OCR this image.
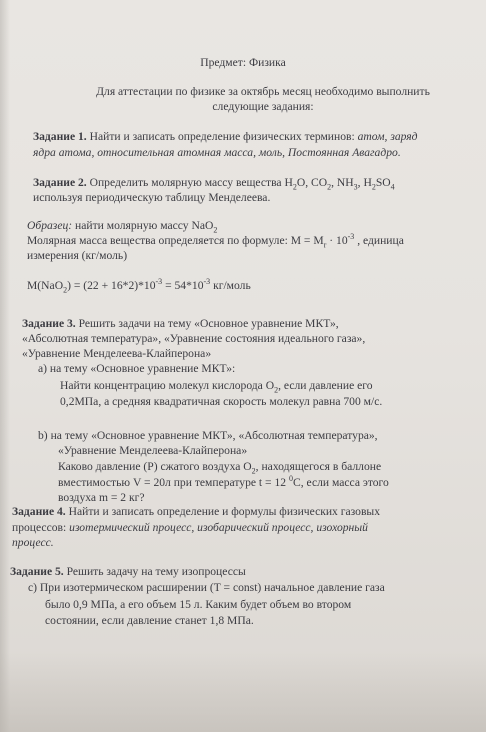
Предмет: Физика
Для аттестации по физике за октябрь месяц необходимо выполнить
следующие задания:
Задание 1. Найти и записать определение физических терминов: атом, заряд
ядра атома, относительная атомная масса, моль, Постоянная Авагадро.
Задание 2. Определить молярную массу вещества $H_2O$, $CO_2$, $NH_3$, $H_2SO_4$
используя периодическую таблицу Менделеева.
Образец: найти молярную массу NaO$_2$
Молярная масса вещества определяется по формуле: $M = M_r \cdot 10^{-3}$ , единица
измерения (кг/моль)
$M(NaO_2) = (22 + 16*2)*10^{-3} = 54*10^{-3}$ кг/моль
Задание 3. Решить задачи на тему «Основное уравнение МКТ»,
«Абсолютная температура», «Уравнение состояния идеального газа»,
«Уравнение Менделеева-Клайперона»
a) на тему «Основное уравнение МКТ»:
Найти концентрацию молекул кислорода $O_2$, если давление его
0,2МПа, а средняя квадратичная скорость молекул равна 700 м/с.
b) на тему «Основное уравнение МКТ», «Абсолютная температура»,
«Уравнение Менделеева-Клайперона»
Каково давление (P) сжатого воздуха $O_2$, находящегося в баллоне
вместимостью V = 20л при температуре t = 12 $^0$C, если масса этого
воздуха m = 2 кг?
Задание 4. Найти и записать определение и формулы физических газовых
процессов: изотермический процесс, изобарический процесс, изохорный
процесс.
Задание 5. Решить задачу на тему изопроцессы
c) При изотермическом расширении (T = const) начальное давление газа
было 0,9 МПа, а его объем 15 л. Каким будет объем во втором
состоянии, если давление станет 1,8 МПа.
